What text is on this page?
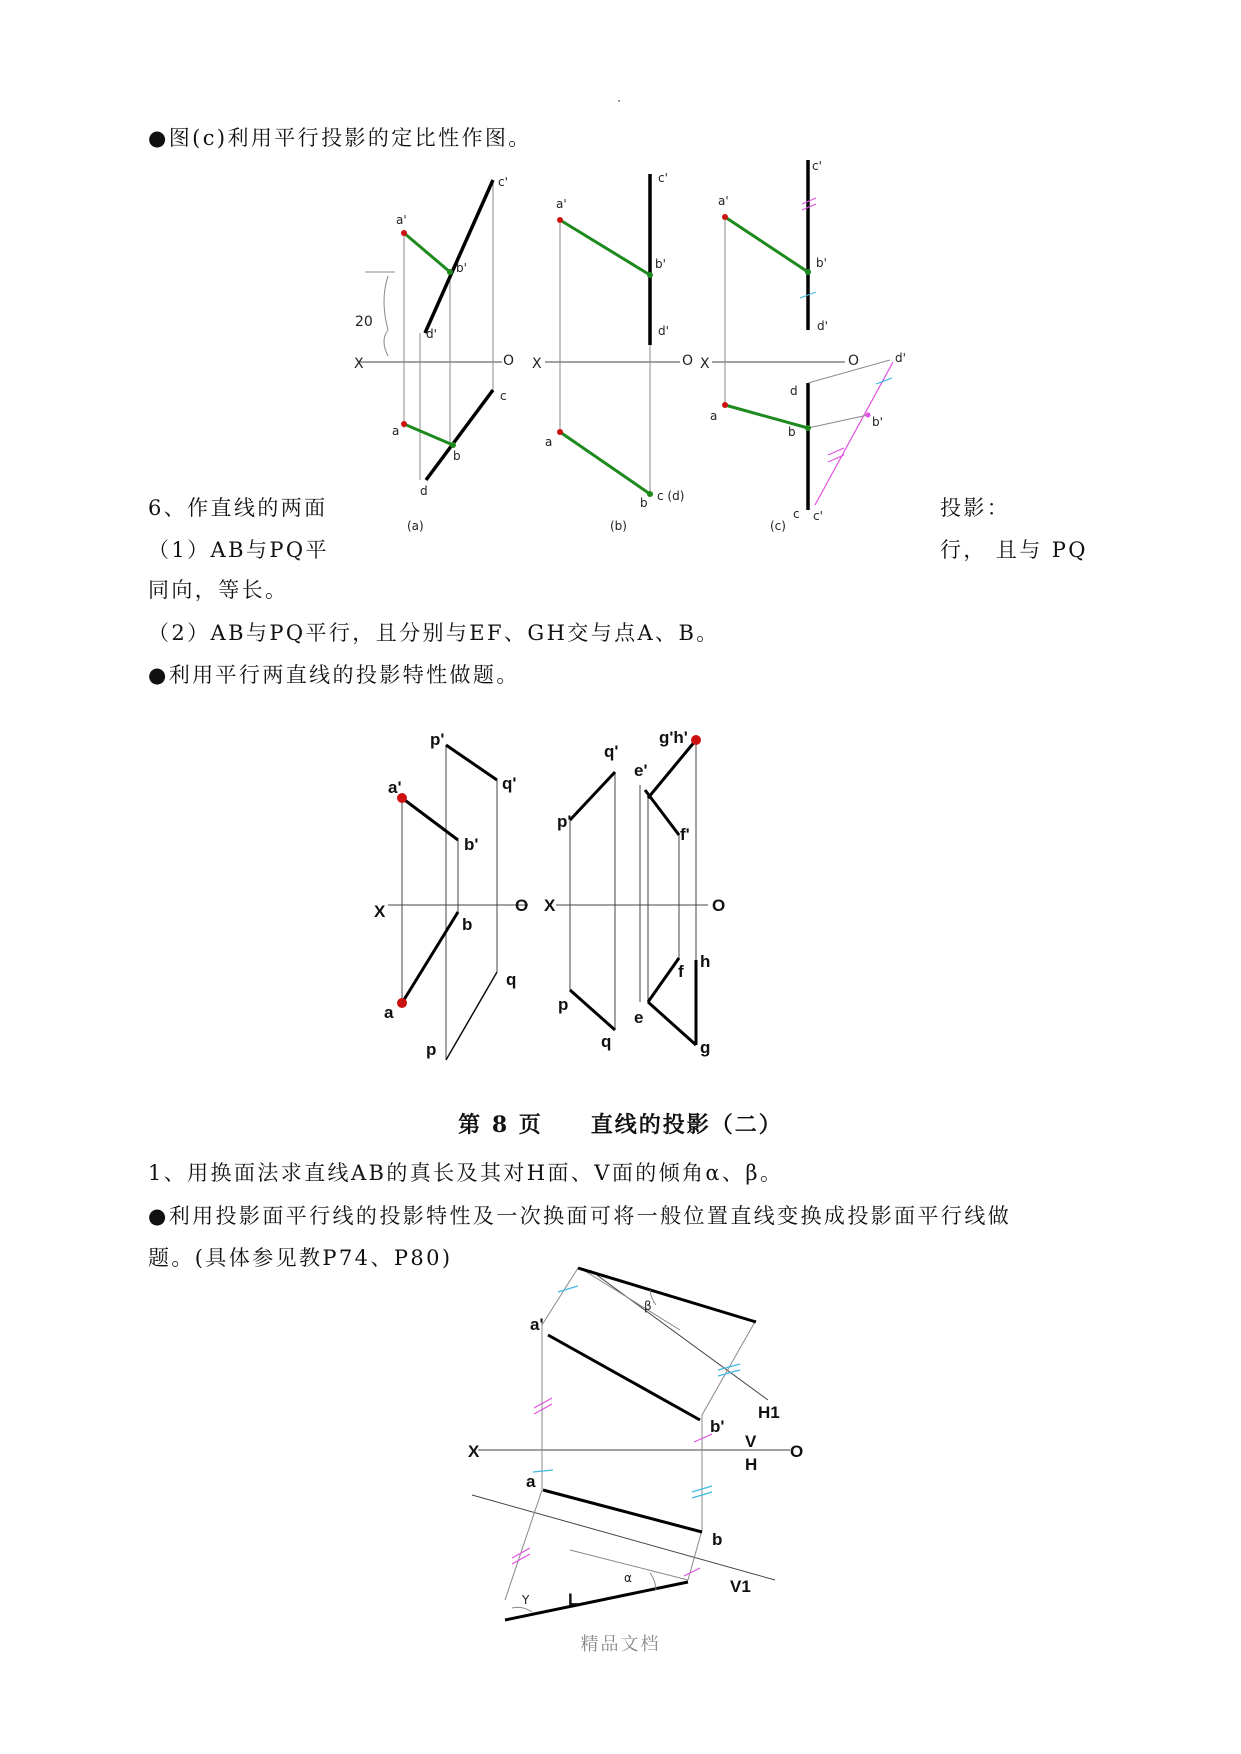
●图(c)利用平行投影的定比性作图。
6、作直线的两面	投影：
（1）AB与PQ平	行， 且与 PQ
同向，等长。
（2）AB与PQ平行，且分别与EF、GH交与点A、B。
●利用平行两直线的投影特性做题。
第 8 页　　直线的投影（二）
1、用换面法求直线AB的真长及其对H面、V面的倾角α、β。
●利用投影面平行线的投影特性及一次换面可将一般位置直线变换成投影面平行线做
题。(具体参见教P74、P80)
精品文档
20
X	O
a'
b'
c'
d'
a
b
c
d
(a)
X	O
a'
b'
c'
d'
a
b c (d)
(b)
X	O
a'
b'
c'
d'
d'
d
a
b
b'
c c'
(c)
p'
q'
a'
b'
X	O
b
a
q
p
q'
p'
g'h'
e'
f'
X	O
f
h
p
e
q	g
β
a'
H1
b'
V
X	O
H
a
b
α	V1
Y L
